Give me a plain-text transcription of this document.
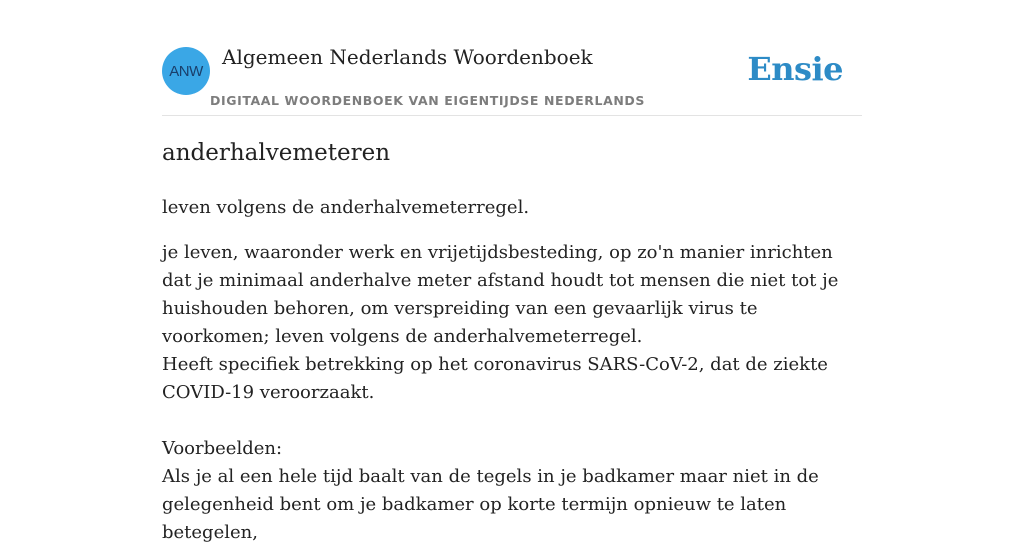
ANW
Algemeen Nederlands Woordenboek
DIGITAAL WOORDENBOEK VAN EIGENTIJDSE NEDERLANDS
Ensie
anderhalvemeteren
leven volgens de anderhalvemeterregel.

je leven, waaronder werk en vrijetijdsbesteding, op zo'n manier inrichten dat je minimaal anderhalve meter afstand houdt tot mensen die niet tot je huishouden behoren, om verspreiding van een gevaarlijk virus te voorkomen; leven volgens de anderhalvemeterregel.

Heeft specifiek betrekking op het coronavirus SARS-CoV-2, dat de ziekte COVID-19 veroorzaakt.

Voorbeelden:

Als je al een hele tijd baalt van de tegels in je badkamer maar niet in de gelegenheid bent om je badkamer op korte termijn opnieuw te laten betegelen,
